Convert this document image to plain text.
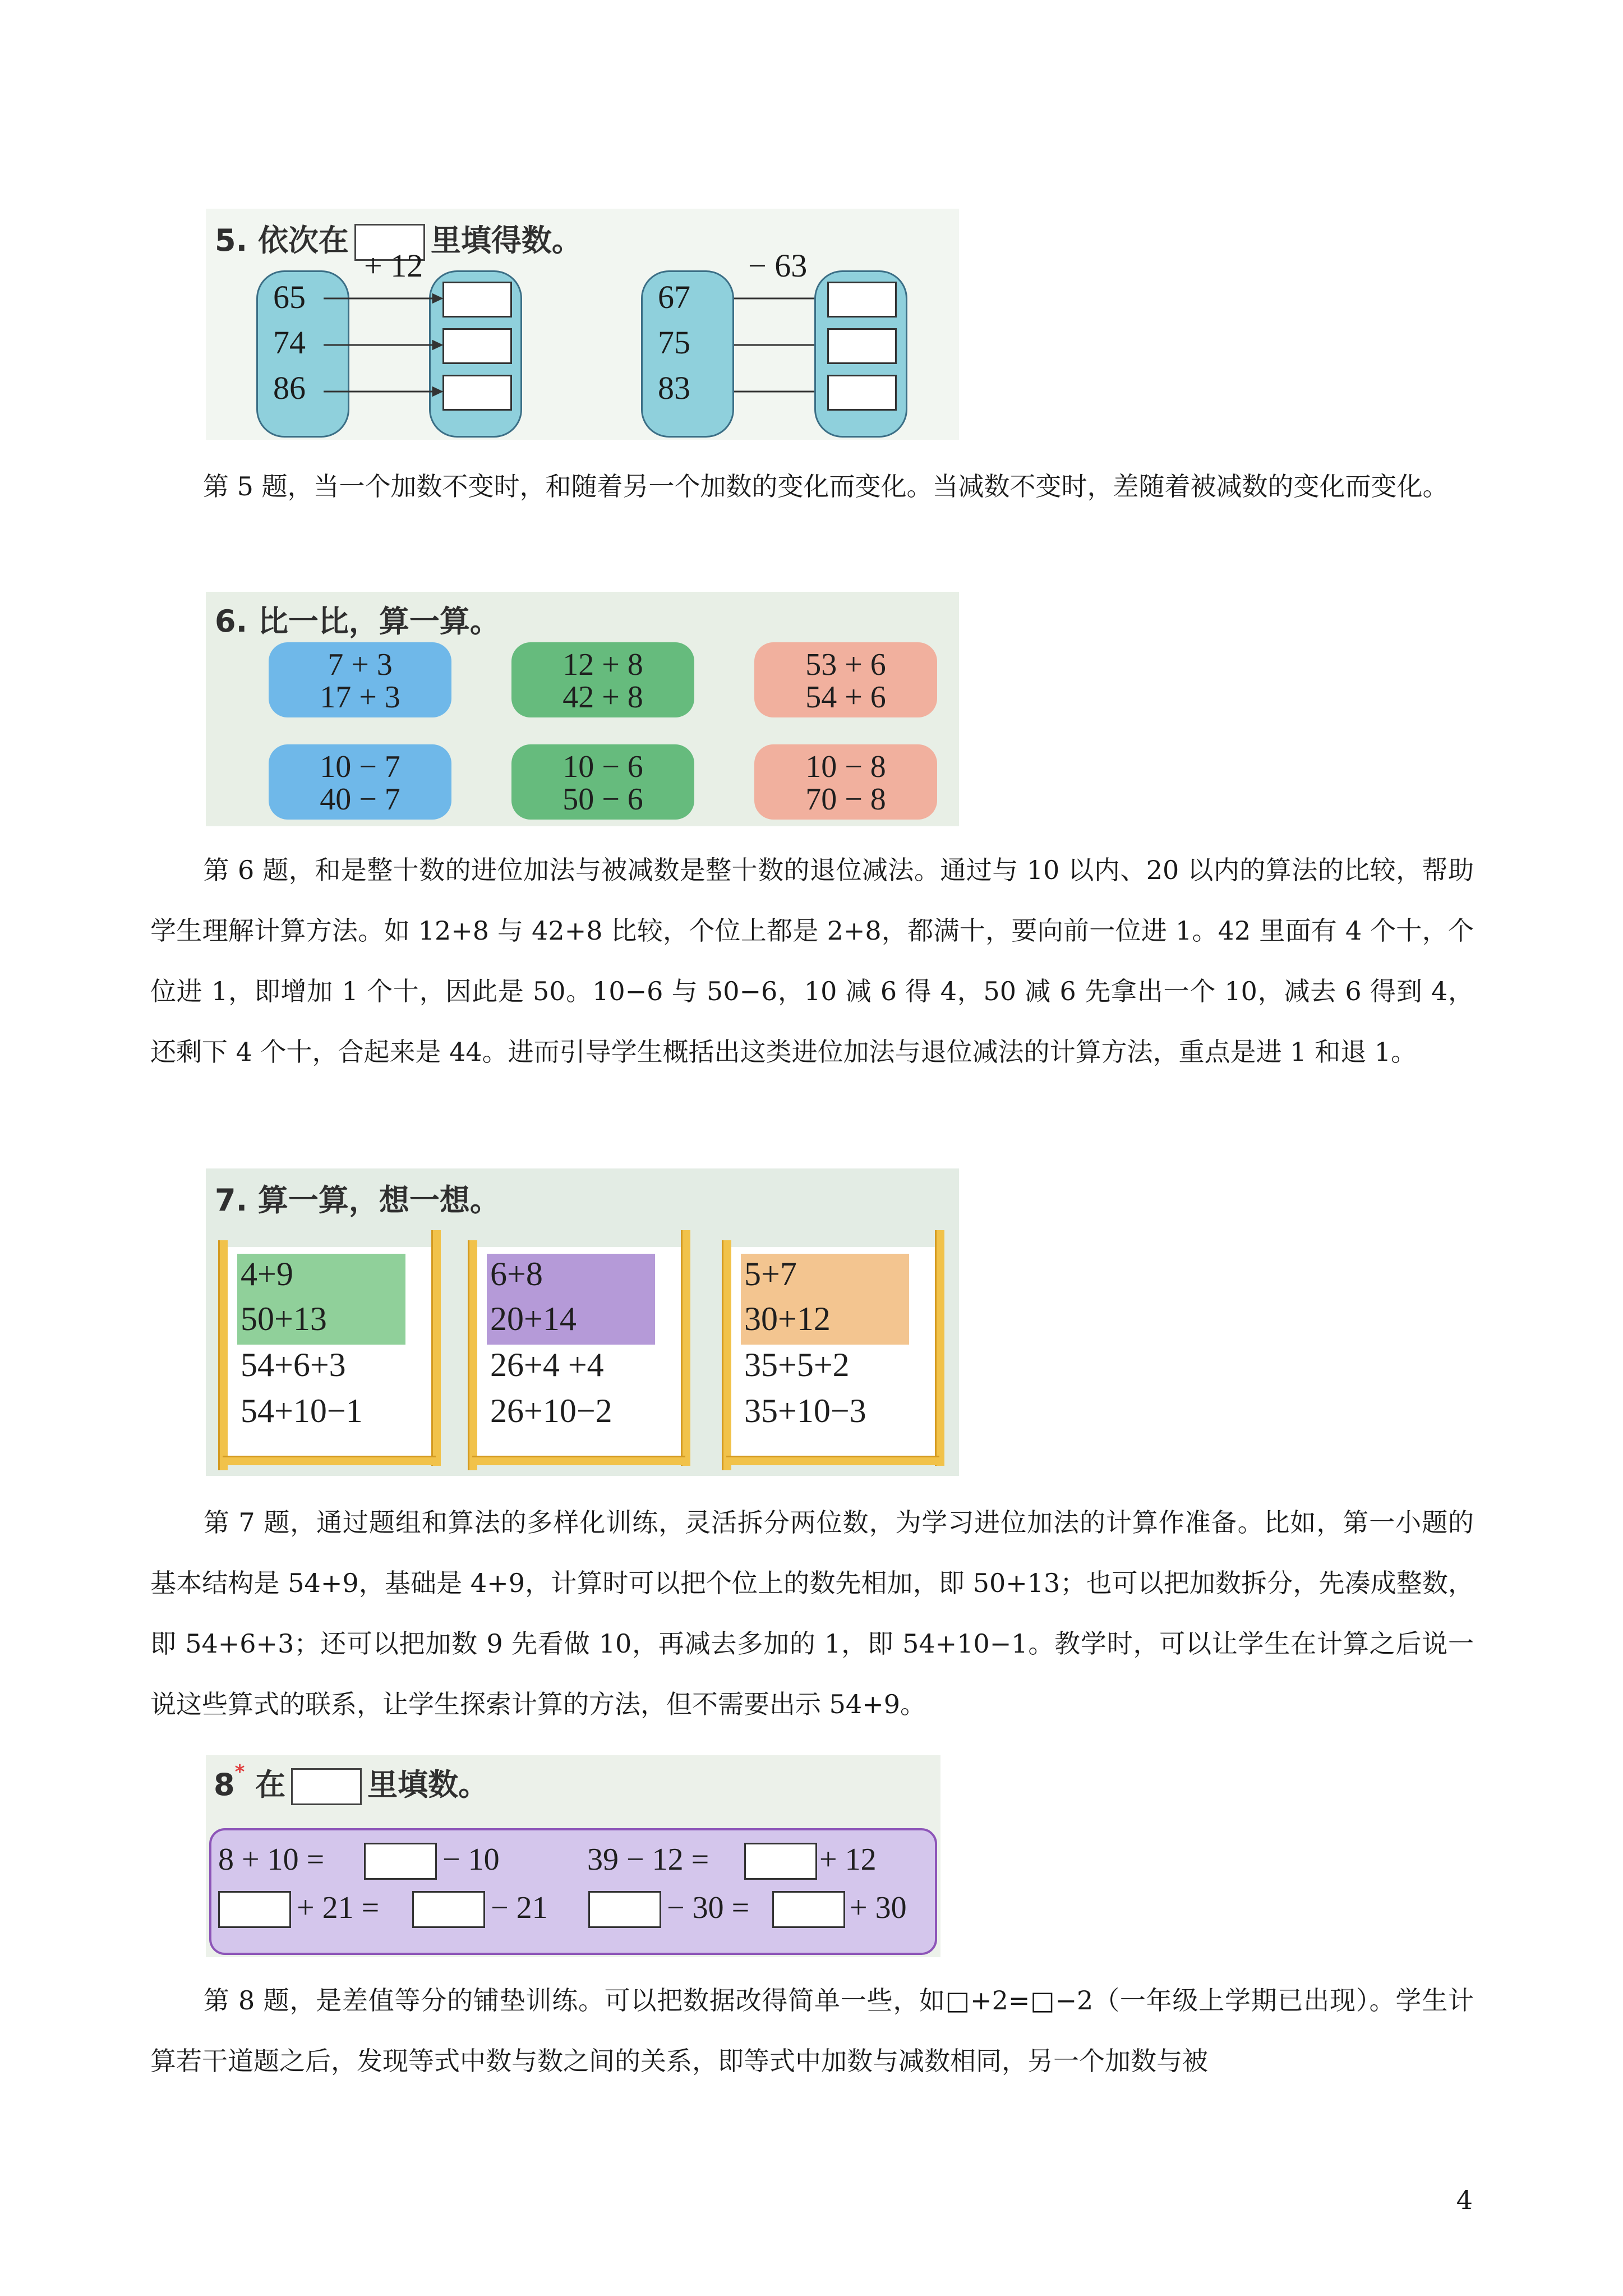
5. 依次在	里填得数。
+ 12
65
74
86
− 63
67
75
83
第 5 题，当一个加数不变时，和随着另一个加数的变化而变化。当减数不变时，差随着被减数的变化而变化。
6. 比一比，算一算。
7 + 3
17 + 3
12 + 8
42 + 8
53 + 6
54 + 6
10 − 7
40 − 7
10 − 6
50 − 6
10 − 8
70 − 8
第 6 题，和是整十数的进位加法与被减数是整十数的退位减法。通过与 10 以内、20 以内的算法的比较，帮助学生理解计算方法。如 12+8 与 42+8 比较，个位上都是 2+8，都满十，要向前一位进 1。42 里面有 4 个十，个位进 1，即增加 1 个十，因此是 50。10−6 与 50−6，10 减 6 得 4，50 减 6 先拿出一个 10，减去 6 得到 4，还剩下 4 个十，合起来是 44。进而引导学生概括出这类进位加法与退位减法的计算方法，重点是进 1 和退 1。
7. 算一算，想一想。
4+9
50+13
54+6+3
54+10−1
6+8
20+14
26+4 +4
26+10−2
5+7
30+12
35+5+2
35+10−3
第 7 题，通过题组和算法的多样化训练，灵活拆分两位数，为学习进位加法的计算作准备。比如，第一小题的基本结构是 54+9，基础是 4+9，计算时可以把个位上的数先相加，即 50+13；也可以把加数拆分，先凑成整数，即 54+6+3；还可以把加数 9 先看做 10，再减去多加的 1，即 54+10−1。教学时，可以让学生在计算之后说一说这些算式的联系，让学生探索计算的方法，但不需要出示 54+9。
8* 在	里填数。
8 + 10 =	− 10	39 − 12 =	+ 12
+ 21 =	− 21	− 30 =	+ 30
第 8 题，是差值等分的铺垫训练。可以把数据改得简单一些，如□+2=□−2（一年级上学期已出现）。学生计算若干道题之后，发现等式中数与数之间的关系，即等式中加数与减数相同，另一个加数与被
4
